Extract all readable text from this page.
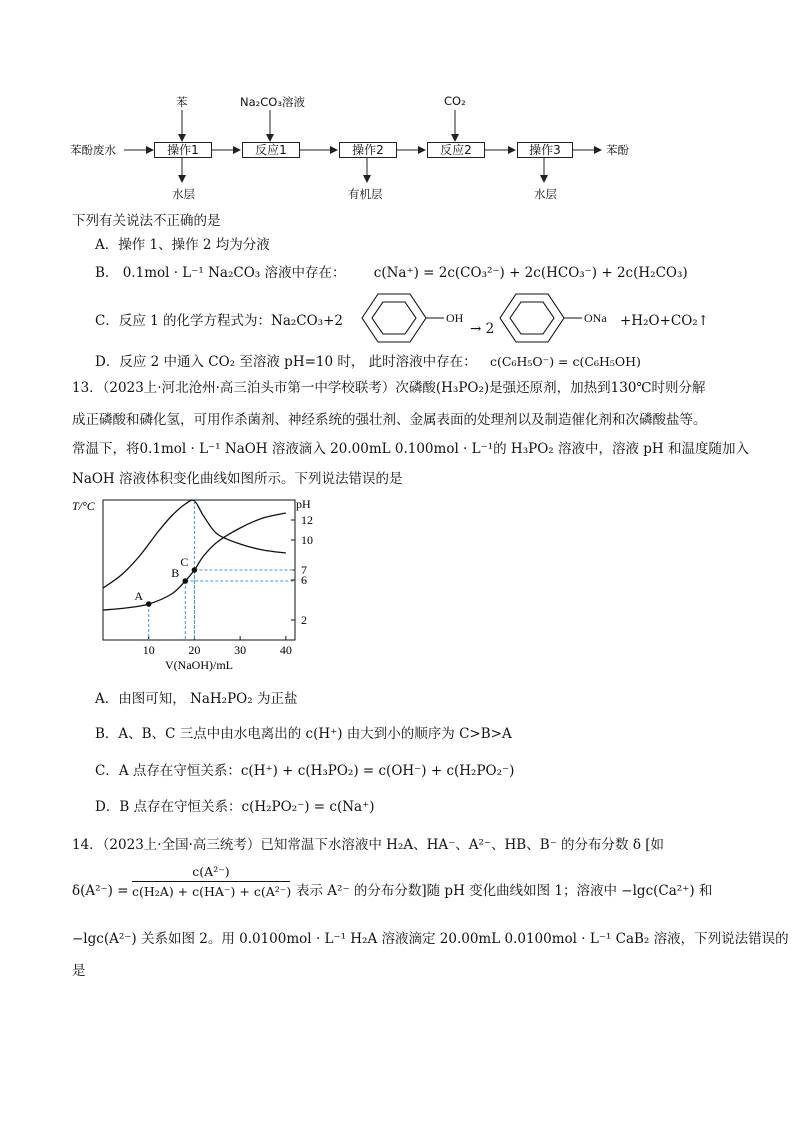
苯酚废水	操作1	反应1	操作2	反应2	操作3	苯酚
苯	Na₂CO₃溶液	CO₂
水层	有机层	水层
下列有关说法不正确的是
A．操作 1、操作 2 均为分液
B． 0.1mol · L⁻¹ Na₂CO₃ 溶液中存在： c(Na⁺) = 2c(CO₃²⁻) + 2c(HCO₃⁻) + 2c(H₂CO₃)
C．反应 1 的化学方程式为：Na₂CO₃+2	OH
→ 2
ONa +H₂O+CO₂↑
D．反应 2 中通入 CO₂ 至溶液 pH=10 时， 此时溶液中存在： c(C₆H₅O⁻) = c(C₆H₅OH)
13．（2023上·河北沧州·高三泊头市第一中学校联考）次磷酸(H₃PO₂)是强还原剂，加热到130℃时则分解
成正磷酸和磷化氢，可用作杀菌剂、神经系统的强壮剂、金属表面的处理剂以及制造催化剂和次磷酸盐等。
常温下，将0.1mol · L⁻¹ NaOH 溶液滴入 20.00mL 0.100mol · L⁻¹的 H₃PO₂ 溶液中，溶液 pH 和温度随加入
NaOH 溶液体积变化曲线如图所示。下列说法错误的是
T/°C	pH
V(NaOH)/mL
10	20	30	40
2
6
7
10
12
A
B
C
A．由图可知， NaH₂PO₂ 为正盐
B．A、B、C 三点中由水电离出的 c(H⁺) 由大到小的顺序为 C>B>A
C．A 点存在守恒关系：c(H⁺) + c(H₃PO₂) = c(OH⁻) + c(H₂PO₂⁻)
D．B 点存在守恒关系：c(H₂PO₂⁻) = c(Na⁺)
14．（2023上·全国·高三统考）已知常温下水溶液中 H₂A、HA⁻、A²⁻、HB、B⁻ 的分布分数 δ [如
δ(A²⁻) =
c(A²⁻)
c(H₂A) + c(HA⁻) + c(A²⁻) 表示 A²⁻ 的分布分数]随 pH 变化曲线如图 1；溶液中 −lgc(Ca²⁺) 和
−lgc(A²⁻) 关系如图 2。用 0.0100mol · L⁻¹ H₂A 溶液滴定 20.00mL 0.0100mol · L⁻¹ CaB₂ 溶液，下列说法错误的
是
